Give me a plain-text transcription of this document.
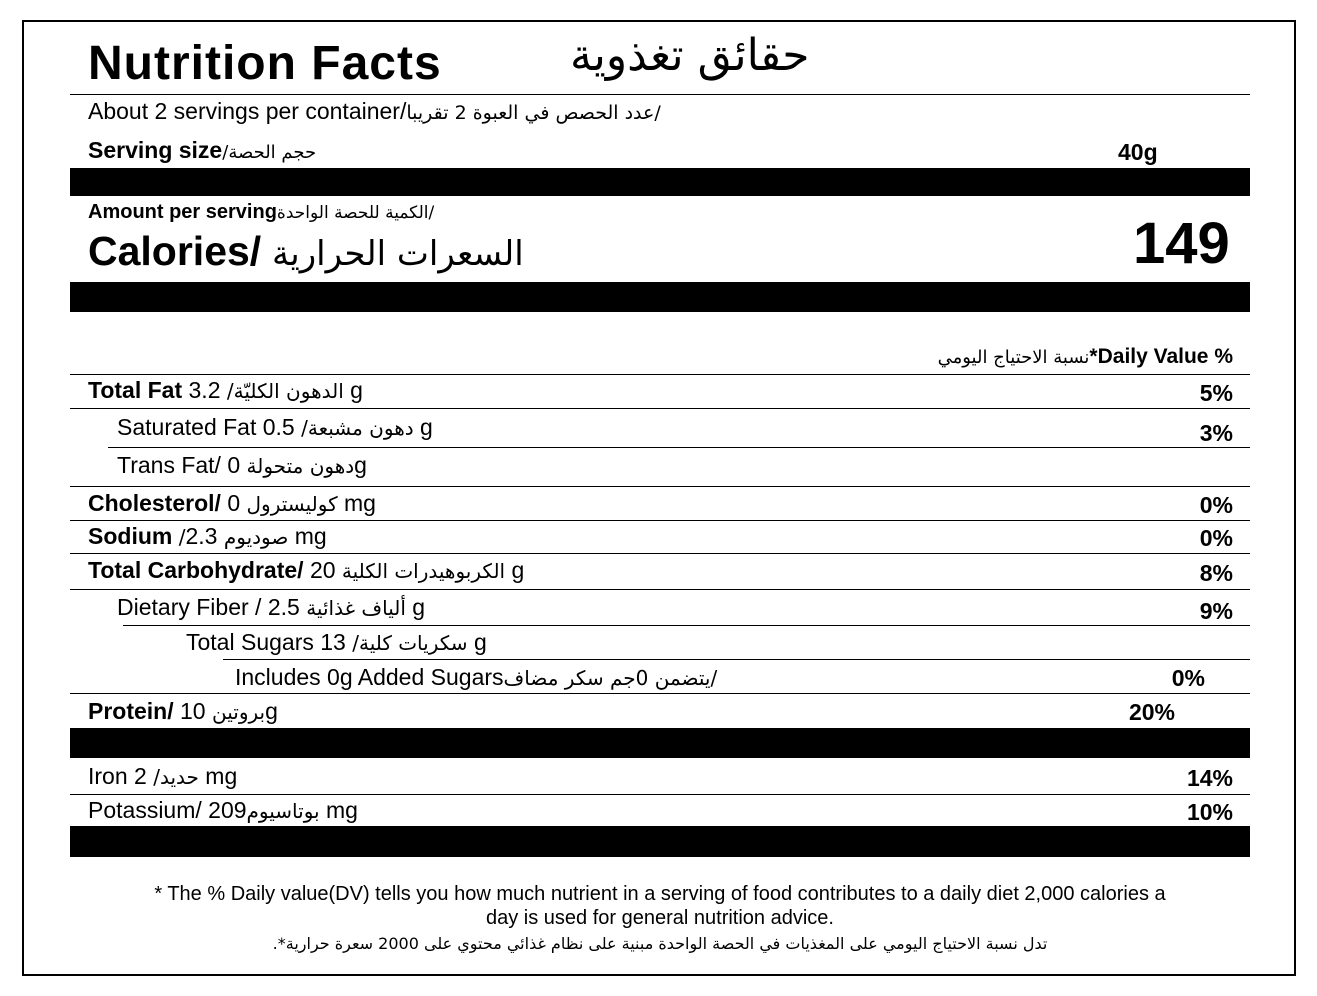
Nutrition Facts	حقائق تغذوية
About 2 servings per container/عدد الحصص في العبوة 2 تقريبا/
Serving size/حجم الحصة	40g
Amount per servingالكمية للحصة الواحدة/
Calories/ السعرات الحرارية	149
نسبة الاحتياج اليومي*Daily Value %
Total Fat الدهون الكليّة/ 3.2 g	5%
Saturated Fat دهون مشبعة/ 0.5 g	3%
Trans Fat/ دهون متحولة 0g
Cholesterol/ كوليسترول 0 mg	0%
Sodium /صوديوم 2.3 mg	0%
Total Carbohydrate/ الكربوهيدرات الكلية 20 g	8%
Dietary Fiber / ألياف غذائية 2.5 g	9%
Total Sugars سكريات كلية/ 13 g
Includes 0g Added Sugarsيتضمن 0جم سكر مضاف/	0%
Protein/ بروتين 10g	20%
Iron حديد/ 2 mg	14%
Potassium/ بوتاسيوم209 mg	10%
* The % Daily value(DV) tells you how much nutrient in a serving of food contributes to a daily diet 2,000 calories a
day is used for general nutrition advice.
تدل نسبة الاحتياج اليومي على المغذيات في الحصة الواحدة مبنية على نظام غذائي محتوي على 2000 سعرة حرارية*.
